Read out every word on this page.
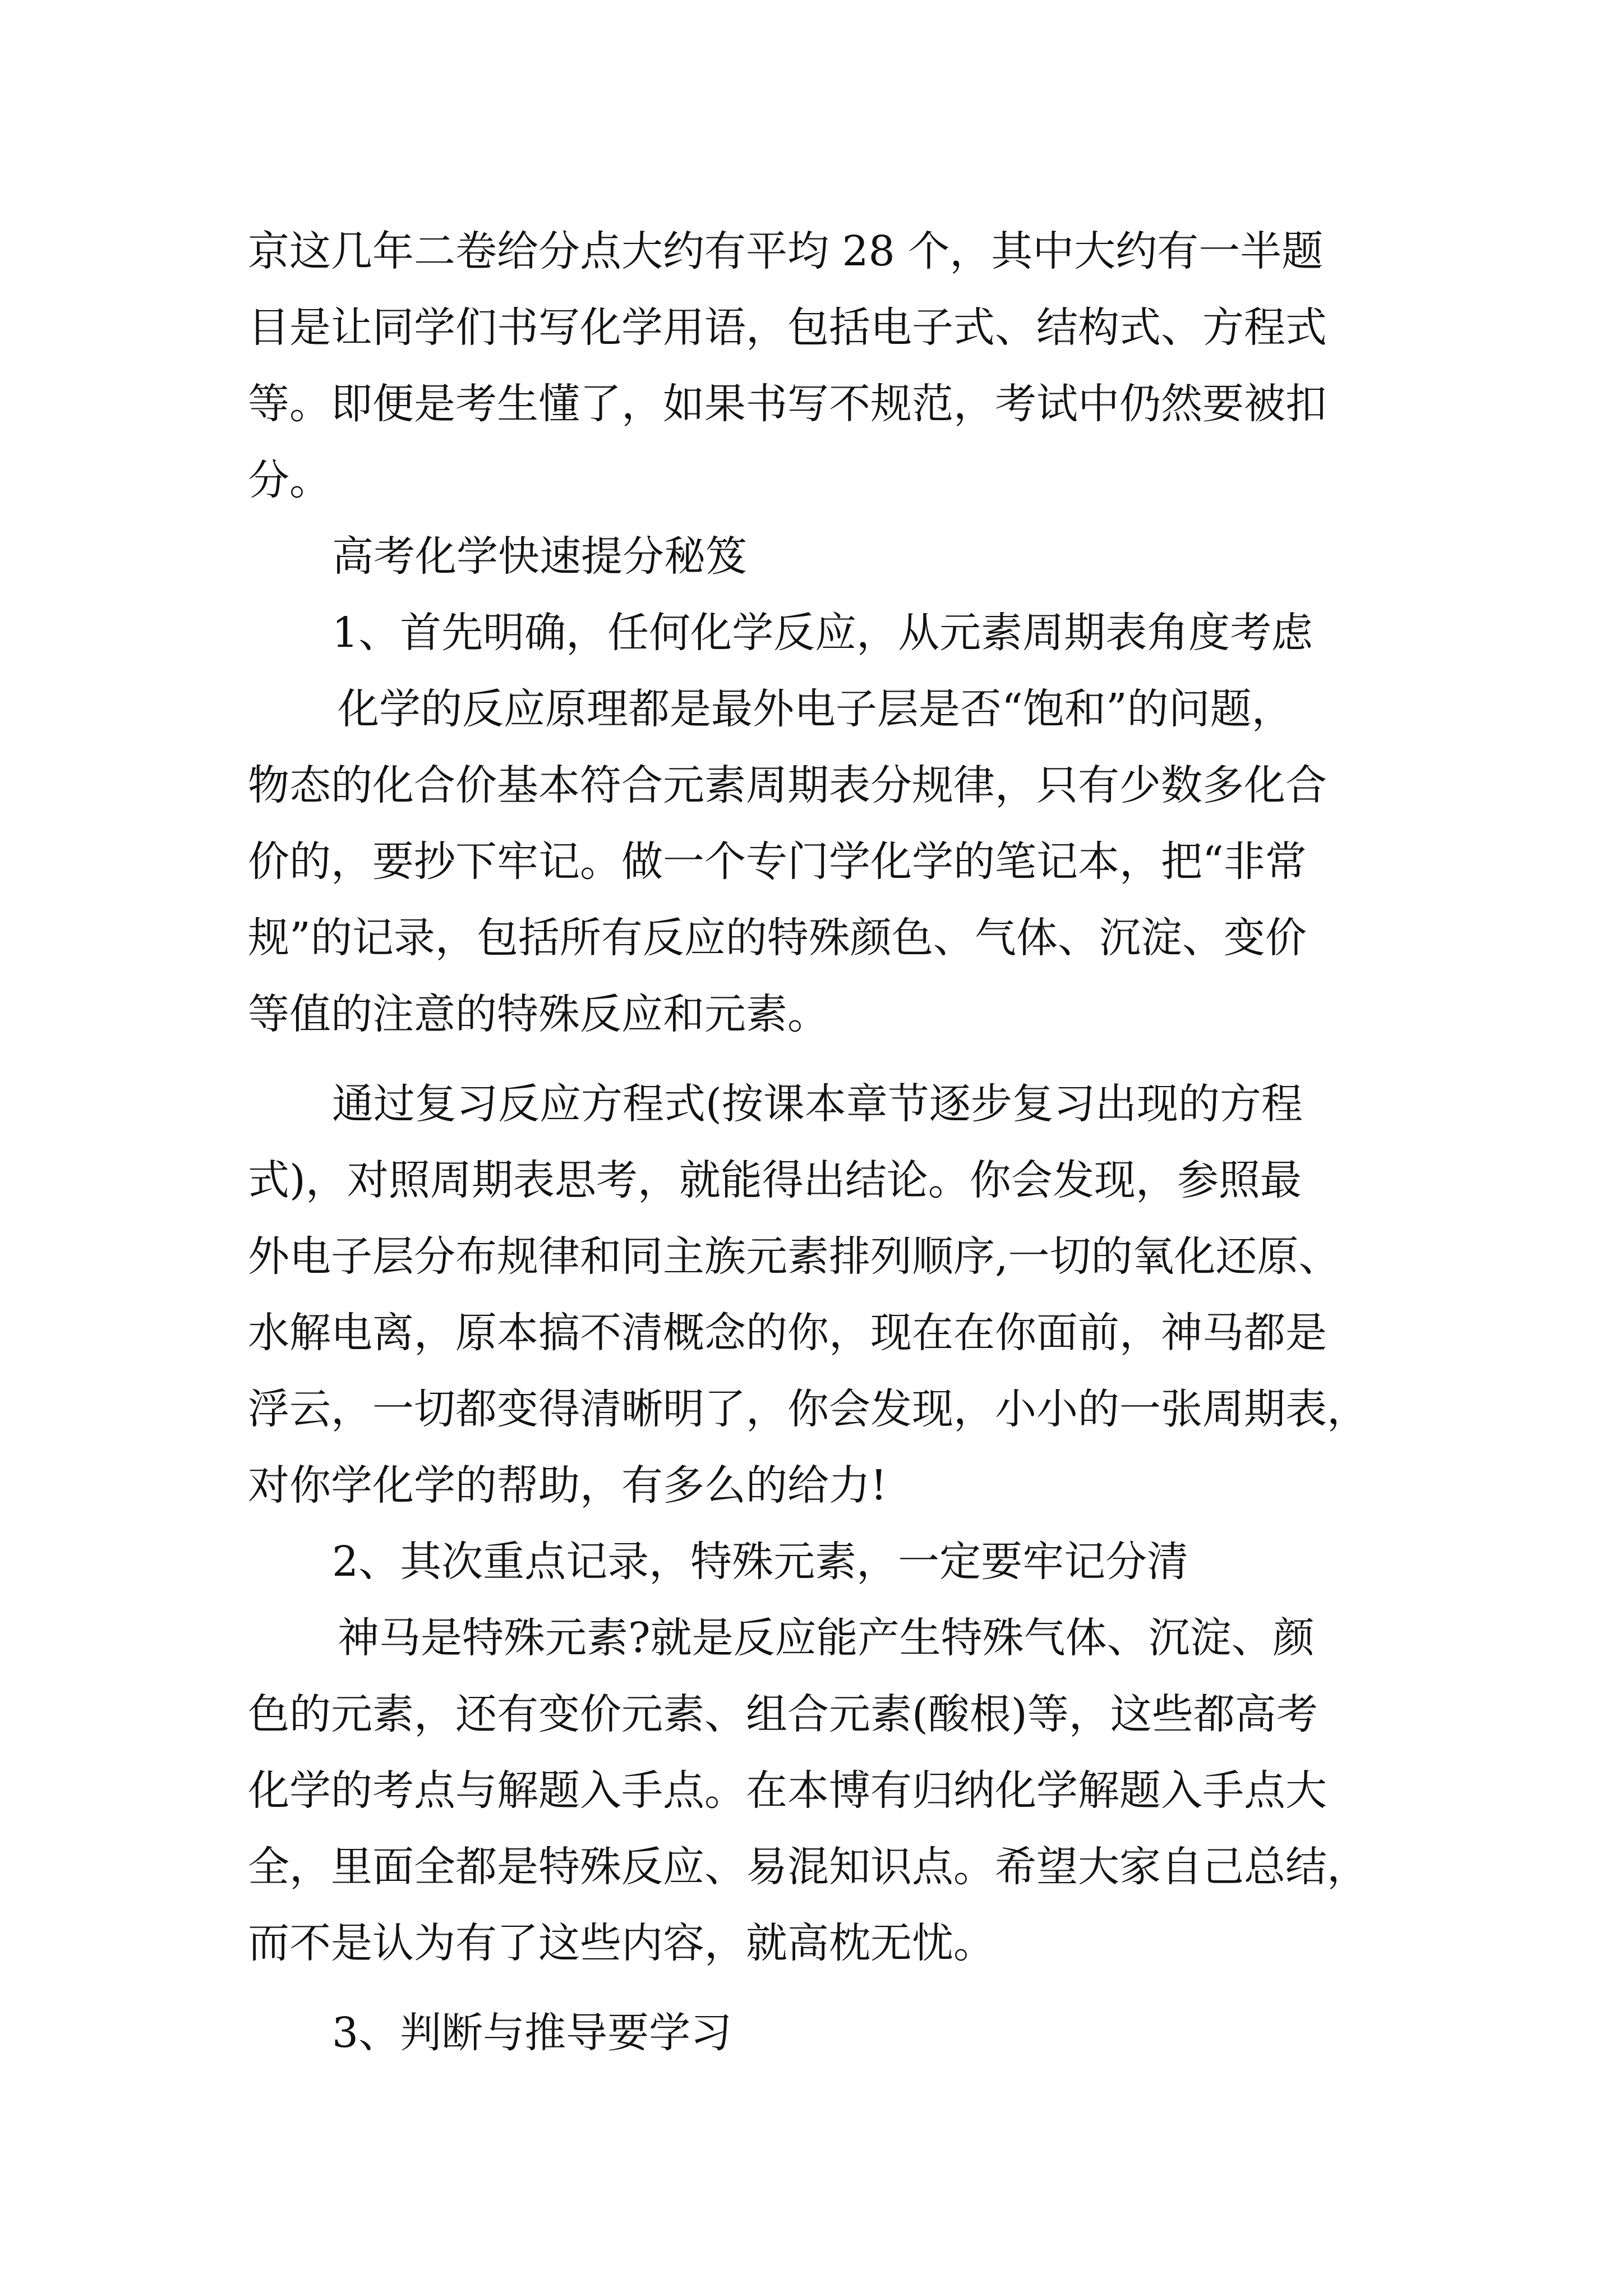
京这几年二卷给分点大约有平均 28 个，其中大约有一半题
目是让同学们书写化学用语，包括电子式、结构式、方程式
等。即便是考生懂了，如果书写不规范，考试中仍然要被扣
分。
高考化学快速提分秘笈
1、首先明确，任何化学反应，从元素周期表角度考虑
化学的反应原理都是最外电子层是否“饱和”的问题，
物态的化合价基本符合元素周期表分规律，只有少数多化合
价的，要抄下牢记。做一个专门学化学的笔记本，把“非常
规”的记录，包括所有反应的特殊颜色、气体、沉淀、变价
等值的注意的特殊反应和元素。
通过复习反应方程式(按课本章节逐步复习出现的方程
式)，对照周期表思考，就能得出结论。你会发现，参照最
外电子层分布规律和同主族元素排列顺序,一切的氧化还原、
水解电离，原本搞不清概念的你，现在在你面前，神马都是
浮云，一切都变得清晰明了，你会发现，小小的一张周期表，
对你学化学的帮助，有多么的给力!
2、其次重点记录，特殊元素，一定要牢记分清
神马是特殊元素?就是反应能产生特殊气体、沉淀、颜
色的元素，还有变价元素、组合元素(酸根)等，这些都高考
化学的考点与解题入手点。在本博有归纳化学解题入手点大
全，里面全都是特殊反应、易混知识点。希望大家自己总结，
而不是认为有了这些内容，就高枕无忧。
3、判断与推导要学习
